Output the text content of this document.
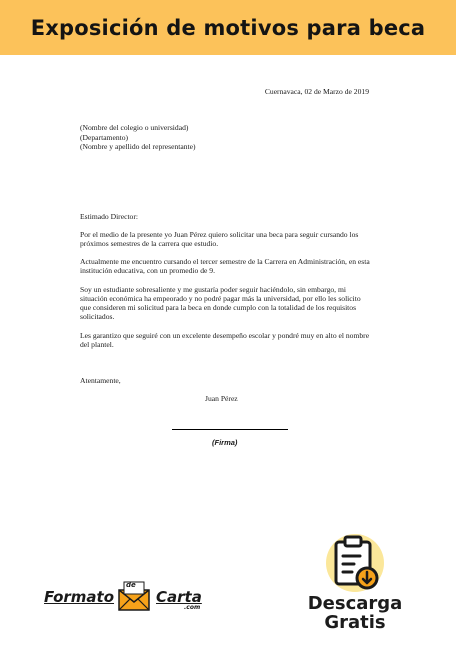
Exposición de motivos para beca
Cuernavaca, 02 de Marzo de 2019
(Nombre del colegio o universidad)
(Departamento)
(Nombre y apellido del representante)
Estimado Director:
Por el medio de la presente yo Juan Pérez quiero solicitar una beca para seguir cursando los próximos semestres de la carrera que estudio.
Actualmente me encuentro cursando el tercer semestre de la Carrera en Administración, en esta institución educativa, con un promedio de 9.
Soy un estudiante sobresaliente y me gustaría poder seguir haciéndolo, sin embargo, mi situación económica ha empeorado y no podré pagar más la universidad, por ello les solicito que consideren mi solicitud para la beca en donde cumplo con la totalidad de los requisitos solicitados.
Les garantizo que seguiré con un excelente desempeño escolar y pondré muy en alto el nombre del plantel.
Atentamente,
Juan Pérez
(Firma)
Formato
de
Carta
.com	Descarga
Gratis
